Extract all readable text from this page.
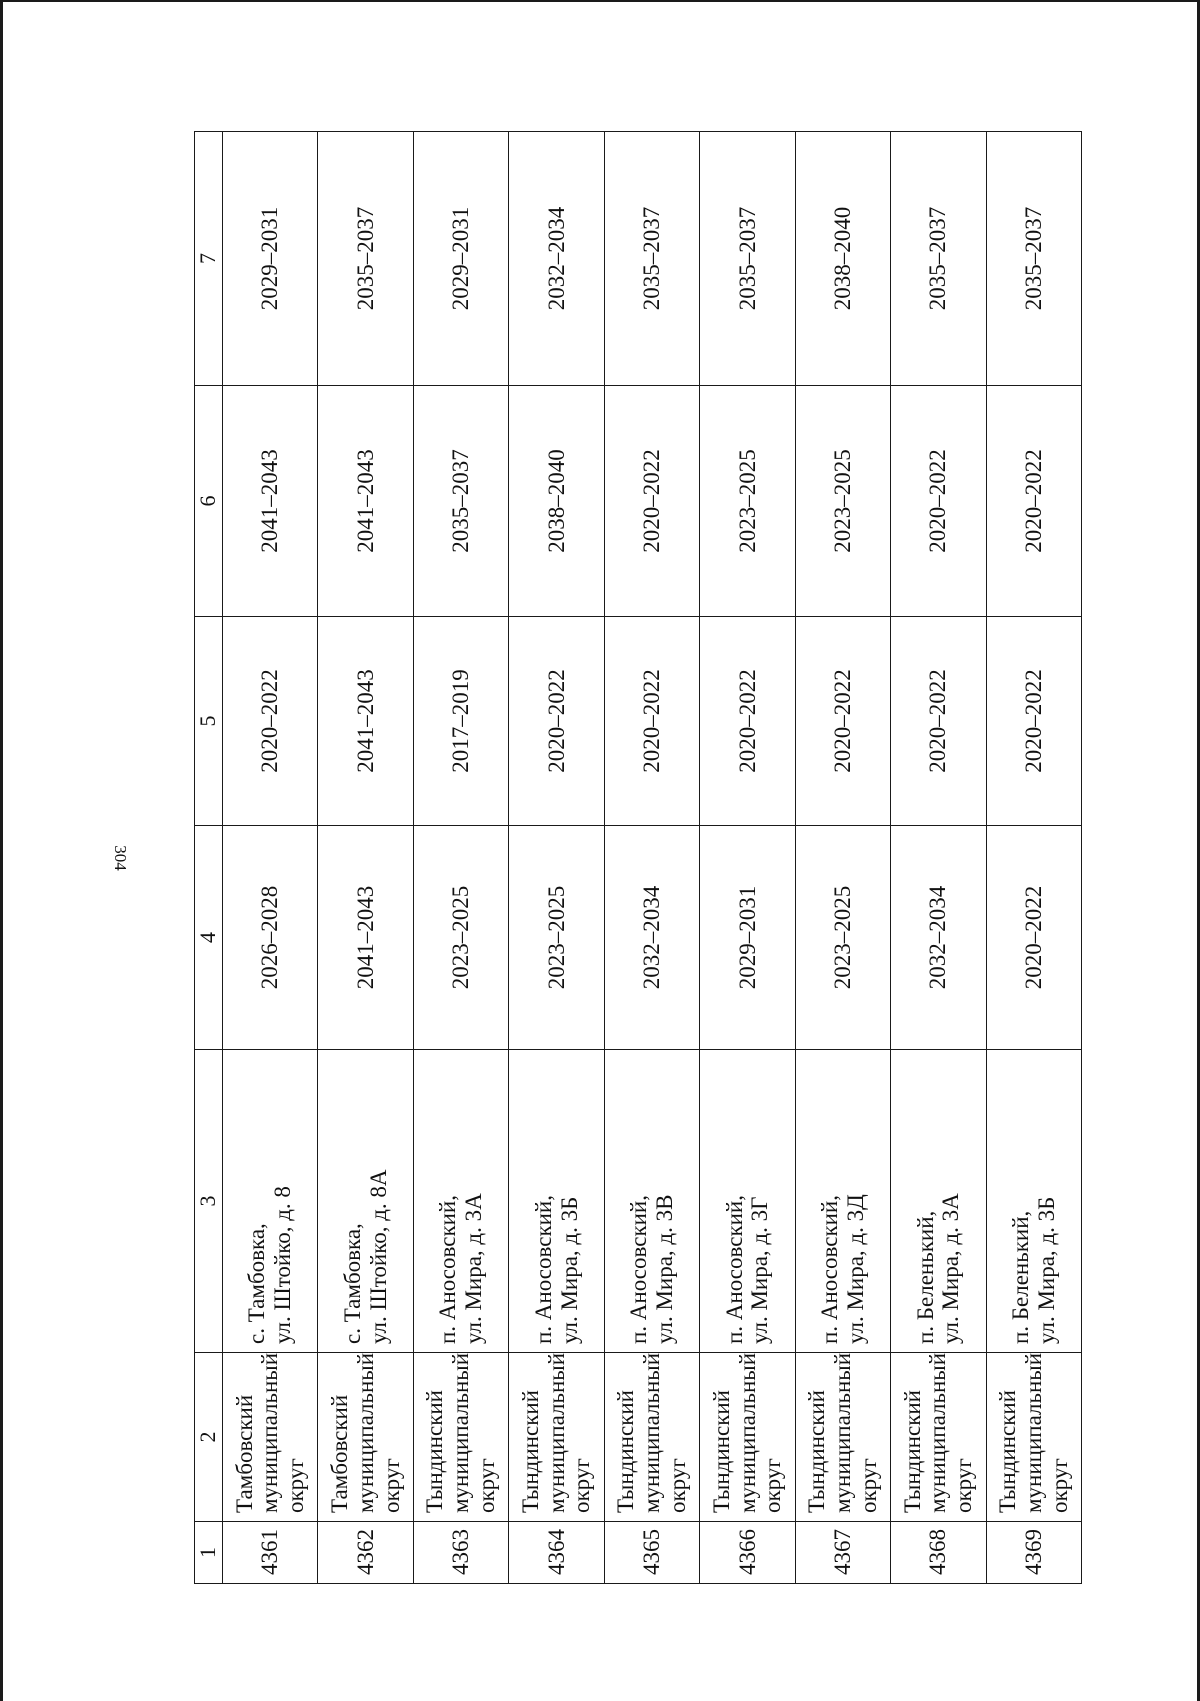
304
1	2	3	4	5	6	7
4361	Тамбовский
муниципальный
округ	с. Тамбовка,
ул. Штойко, д. 8	2026–2028	2020–2022	2041–2043	2029–2031
4362	Тамбовский
муниципальный
округ	с. Тамбовка,
ул. Штойко, д. 8А	2041–2043	2041–2043	2041–2043	2035–2037
4363	Тындинский
муниципальный
округ	п. Аносовский,
ул. Мира, д. 3А	2023–2025	2017–2019	2035–2037	2029–2031
4364	Тындинский
муниципальный
округ	п. Аносовский,
ул. Мира, д. 3Б	2023–2025	2020–2022	2038–2040	2032–2034
4365	Тындинский
муниципальный
округ	п. Аносовский,
ул. Мира, д. 3В	2032–2034	2020–2022	2020–2022	2035–2037
4366	Тындинский
муниципальный
округ	п. Аносовский,
ул. Мира, д. 3Г	2029–2031	2020–2022	2023–2025	2035–2037
4367	Тындинский
муниципальный
округ	п. Аносовский,
ул. Мира, д. 3Д	2023–2025	2020–2022	2023–2025	2038–2040
4368	Тындинский
муниципальный
округ	п. Беленький,
ул. Мира, д. 3А	2032–2034	2020–2022	2020–2022	2035–2037
4369	Тындинский
муниципальный
округ	п. Беленький,
ул. Мира, д. 3Б	2020–2022	2020–2022	2020–2022	2035–2037
